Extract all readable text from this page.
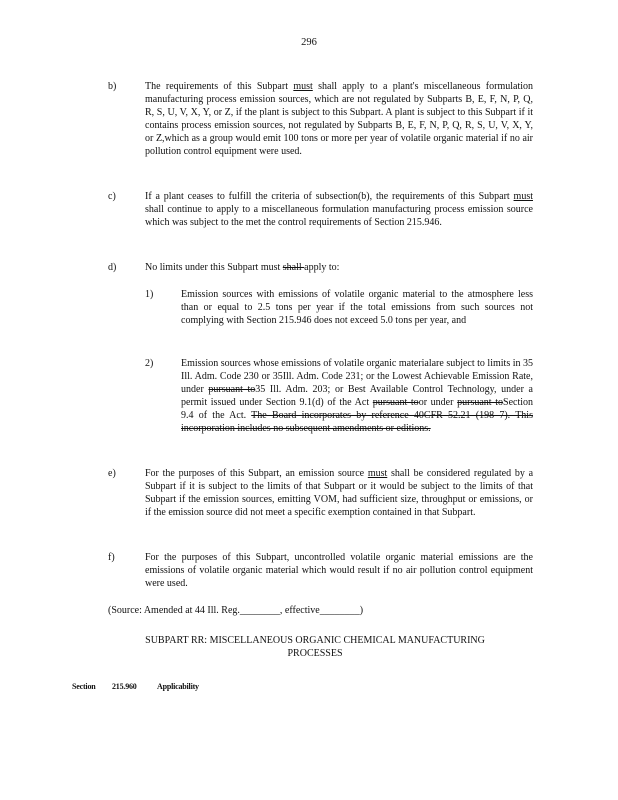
296
b)	The requirements of this Subpart must shall apply to a plant's miscellaneous formulation manufacturing process emission sources, which are not regulated by Subparts B, E, F, N, P, Q, R, S, U, V, X, Y, or Z, if the plant is subject to this Subpart. A plant is subject to this Subpart if it contains process emission sources, not regulated by Subparts B, E, F, N, P, Q, R, S, U, V, X, Y, or Z,which as a group would emit 100 tons or more per year of volatile organic material if no air pollution control equipment were used.
c)	If a plant ceases to fulfill the criteria of subsection(b), the requirements of this Subpart must shall continue to apply to a miscellaneous formulation manufacturing process emission source which was subject to the met the control requirements of Section 215.946.
d)	No limits under this Subpart must shall apply to:
1)	Emission sources with emissions of volatile organic material to the atmosphere less than or equal to 2.5 tons per year if the total emissions from such sources not complying with Section 215.946 does not exceed 5.0 tons per year, and
2)	Emission sources whose emissions of volatile organic materialare subject to limits in 35 Ill. Adm. Code 230 or 35Ill. Adm. Code 231; or the Lowest Achievable Emission Rate, under pursuant to35 Ill. Adm. 203; or Best Available Control Technology, under a permit issued under Section 9.1(d) of the Act pursuant toor under pursuant toSection 9.4 of the Act. The Board incorporates by reference 40CFR 52.21 (198 7). This incorporation includes no subsequent amendments or editions.
e)	For the purposes of this Subpart, an emission source must shall be considered regulated by a Subpart if it is subject to the limits of that Subpart or it would be subject to the limits of that Subpart if the emission sources, emitting VOM, had sufficient size, throughput or emissions, or if the emission source did not meet a specific exemption contained in that Subpart.
f)	For the purposes of this Subpart, uncontrolled volatile organic material emissions are the emissions of volatile organic material which would result if no air pollution control equipment were used.
(Source: Amended at 44 Ill. Reg.________, effective________)
SUBPART RR: MISCELLANEOUS ORGANIC CHEMICAL MANUFACTURING
PROCESSES
Section 215.960	Applicability
